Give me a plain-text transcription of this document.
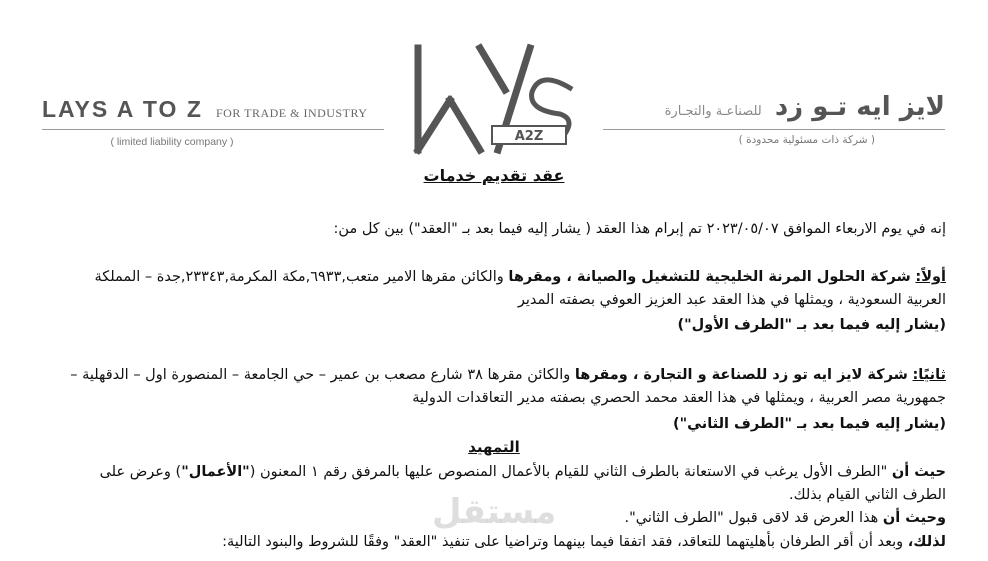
LAYS A TO Z FOR TRADE & INDUSTRY
( limited liability company )	A2Z
LAYS
لايز ايه تـو زد للصناعـة والتجـارة
( شركة ذات مسئولية محدودة )
عقد تقديم خدمات
إنه في يوم الاربعاء الموافق ٢٠٢٣/٠٥/٠٧ تم إبرام هذا العقد ( يشار إليه فيما بعد بـ "العقد") بين كل من:
أولاً: شركة الحلول المرنة الخليجية للتشغيل والصيانة ، ومقرها والكائن مقرها الامير متعب,٦٩٣٣,مكة المكرمة,٢٣٣٤٣,جدة – المملكة
العربية السعودية ، ويمثلها في هذا العقد عبد العزيز العوفي بصفته المدير
(يشار إليه فيما بعد بـ "الطرف الأول")
ثانيًا: شركة لايز ايه تو زد للصناعة و التجارة ، ومقرها والكائن مقرها ٣٨ شارع مصعب بن عمير – حي الجامعة – المنصورة اول – الدقهلية –
جمهورية مصر العربية ، ويمثلها في هذا العقد محمد الحصري بصفته مدير التعاقدات الدولية
(يشار إليه فيما بعد بـ "الطرف الثاني")
التمهيد
حيث أن "الطرف الأول يرغب في الاستعانة بالطرف الثاني للقيام بالأعمال المنصوص عليها بالمرفق رقم ١ المعنون ("الأعمال") وعرض على
الطرف الثاني القيام بذلك.
وحيث أن هذا العرض قد لاقى قبول "الطرف الثاني".
لذلك، وبعد أن أقر الطرفان بأهليتهما للتعاقد، فقد اتفقا فيما بينهما وتراضيا على تنفيذ "العقد" وفقًا للشروط والبنود التالية:
مستقل
